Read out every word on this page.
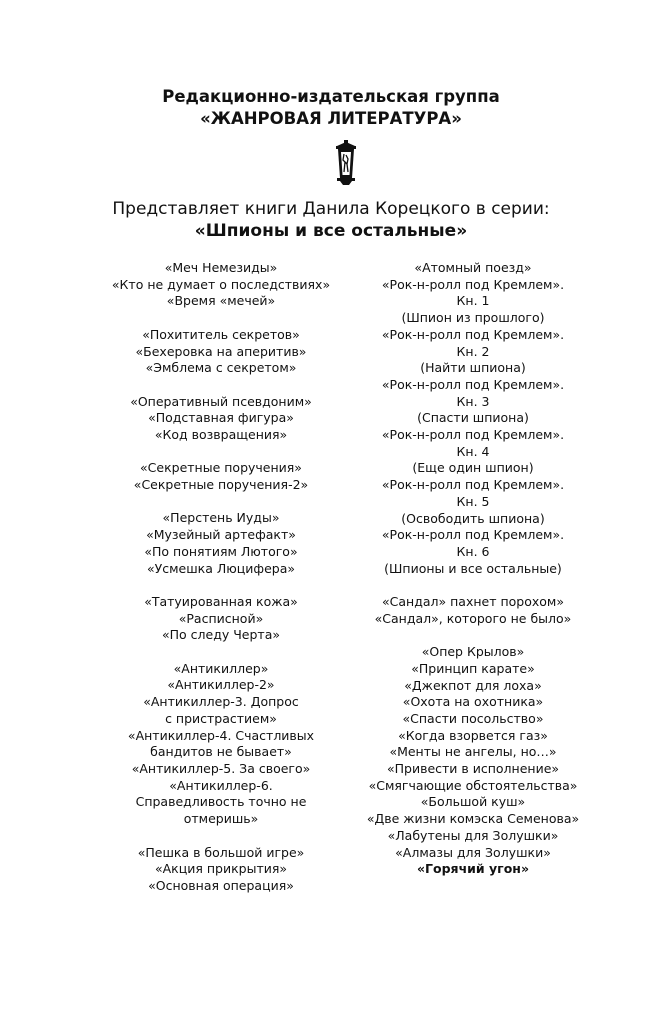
Редакционно-издательская группа
«ЖАНРОВАЯ ЛИТЕРАТУРА»
Представляет книги Данила Корецкого в серии:
«Шпионы и все остальные»
«Меч Немезиды»
«Кто не думает о последствиях»
«Время «мечей»
«Похититель секретов»
«Бехеровка на аперитив»
«Эмблема с секретом»
«Оперативный псевдоним»
«Подставная фигура»
«Код возвращения»
«Секретные поручения»
«Секретные поручения-2»
«Перстень Иуды»
«Музейный артефакт»
«По понятиям Лютого»
«Усмешка Люцифера»
«Татуированная кожа»
«Расписной»
«По следу Черта»
«Антикиллер»
«Антикиллер-2»
«Антикиллер-3. Допрос
с пристрастием»
«Антикиллер-4. Счастливых
бандитов не бывает»
«Антикиллер-5. За своего»
«Антикиллер-6.
Справедливость точно не
отмеришь»
«Пешка в большой игре»
«Акция прикрытия»
«Основная операция»
«Атомный поезд»
«Рок-н-ролл под Кремлем».
Кн. 1
(Шпион из прошлого)
«Рок-н-ролл под Кремлем».
Кн. 2
(Найти шпиона)
«Рок-н-ролл под Кремлем».
Кн. 3
(Спасти шпиона)
«Рок-н-ролл под Кремлем».
Кн. 4
(Еще один шпион)
«Рок-н-ролл под Кремлем».
Кн. 5
(Освободить шпиона)
«Рок-н-ролл под Кремлем».
Кн. 6
(Шпионы и все остальные)
«Сандал» пахнет порохом»
«Сандал», которого не было»
«Опер Крылов»
«Принцип карате»
«Джекпот для лоха»
«Охота на охотника»
«Спасти посольство»
«Когда взорвется газ»
«Менты не ангелы, но…»
«Привести в исполнение»
«Смягчающие обстоятельства»
«Большой куш»
«Две жизни комэска Семенова»
«Лабутены для Золушки»
«Алмазы для Золушки»
«Горячий угон»
